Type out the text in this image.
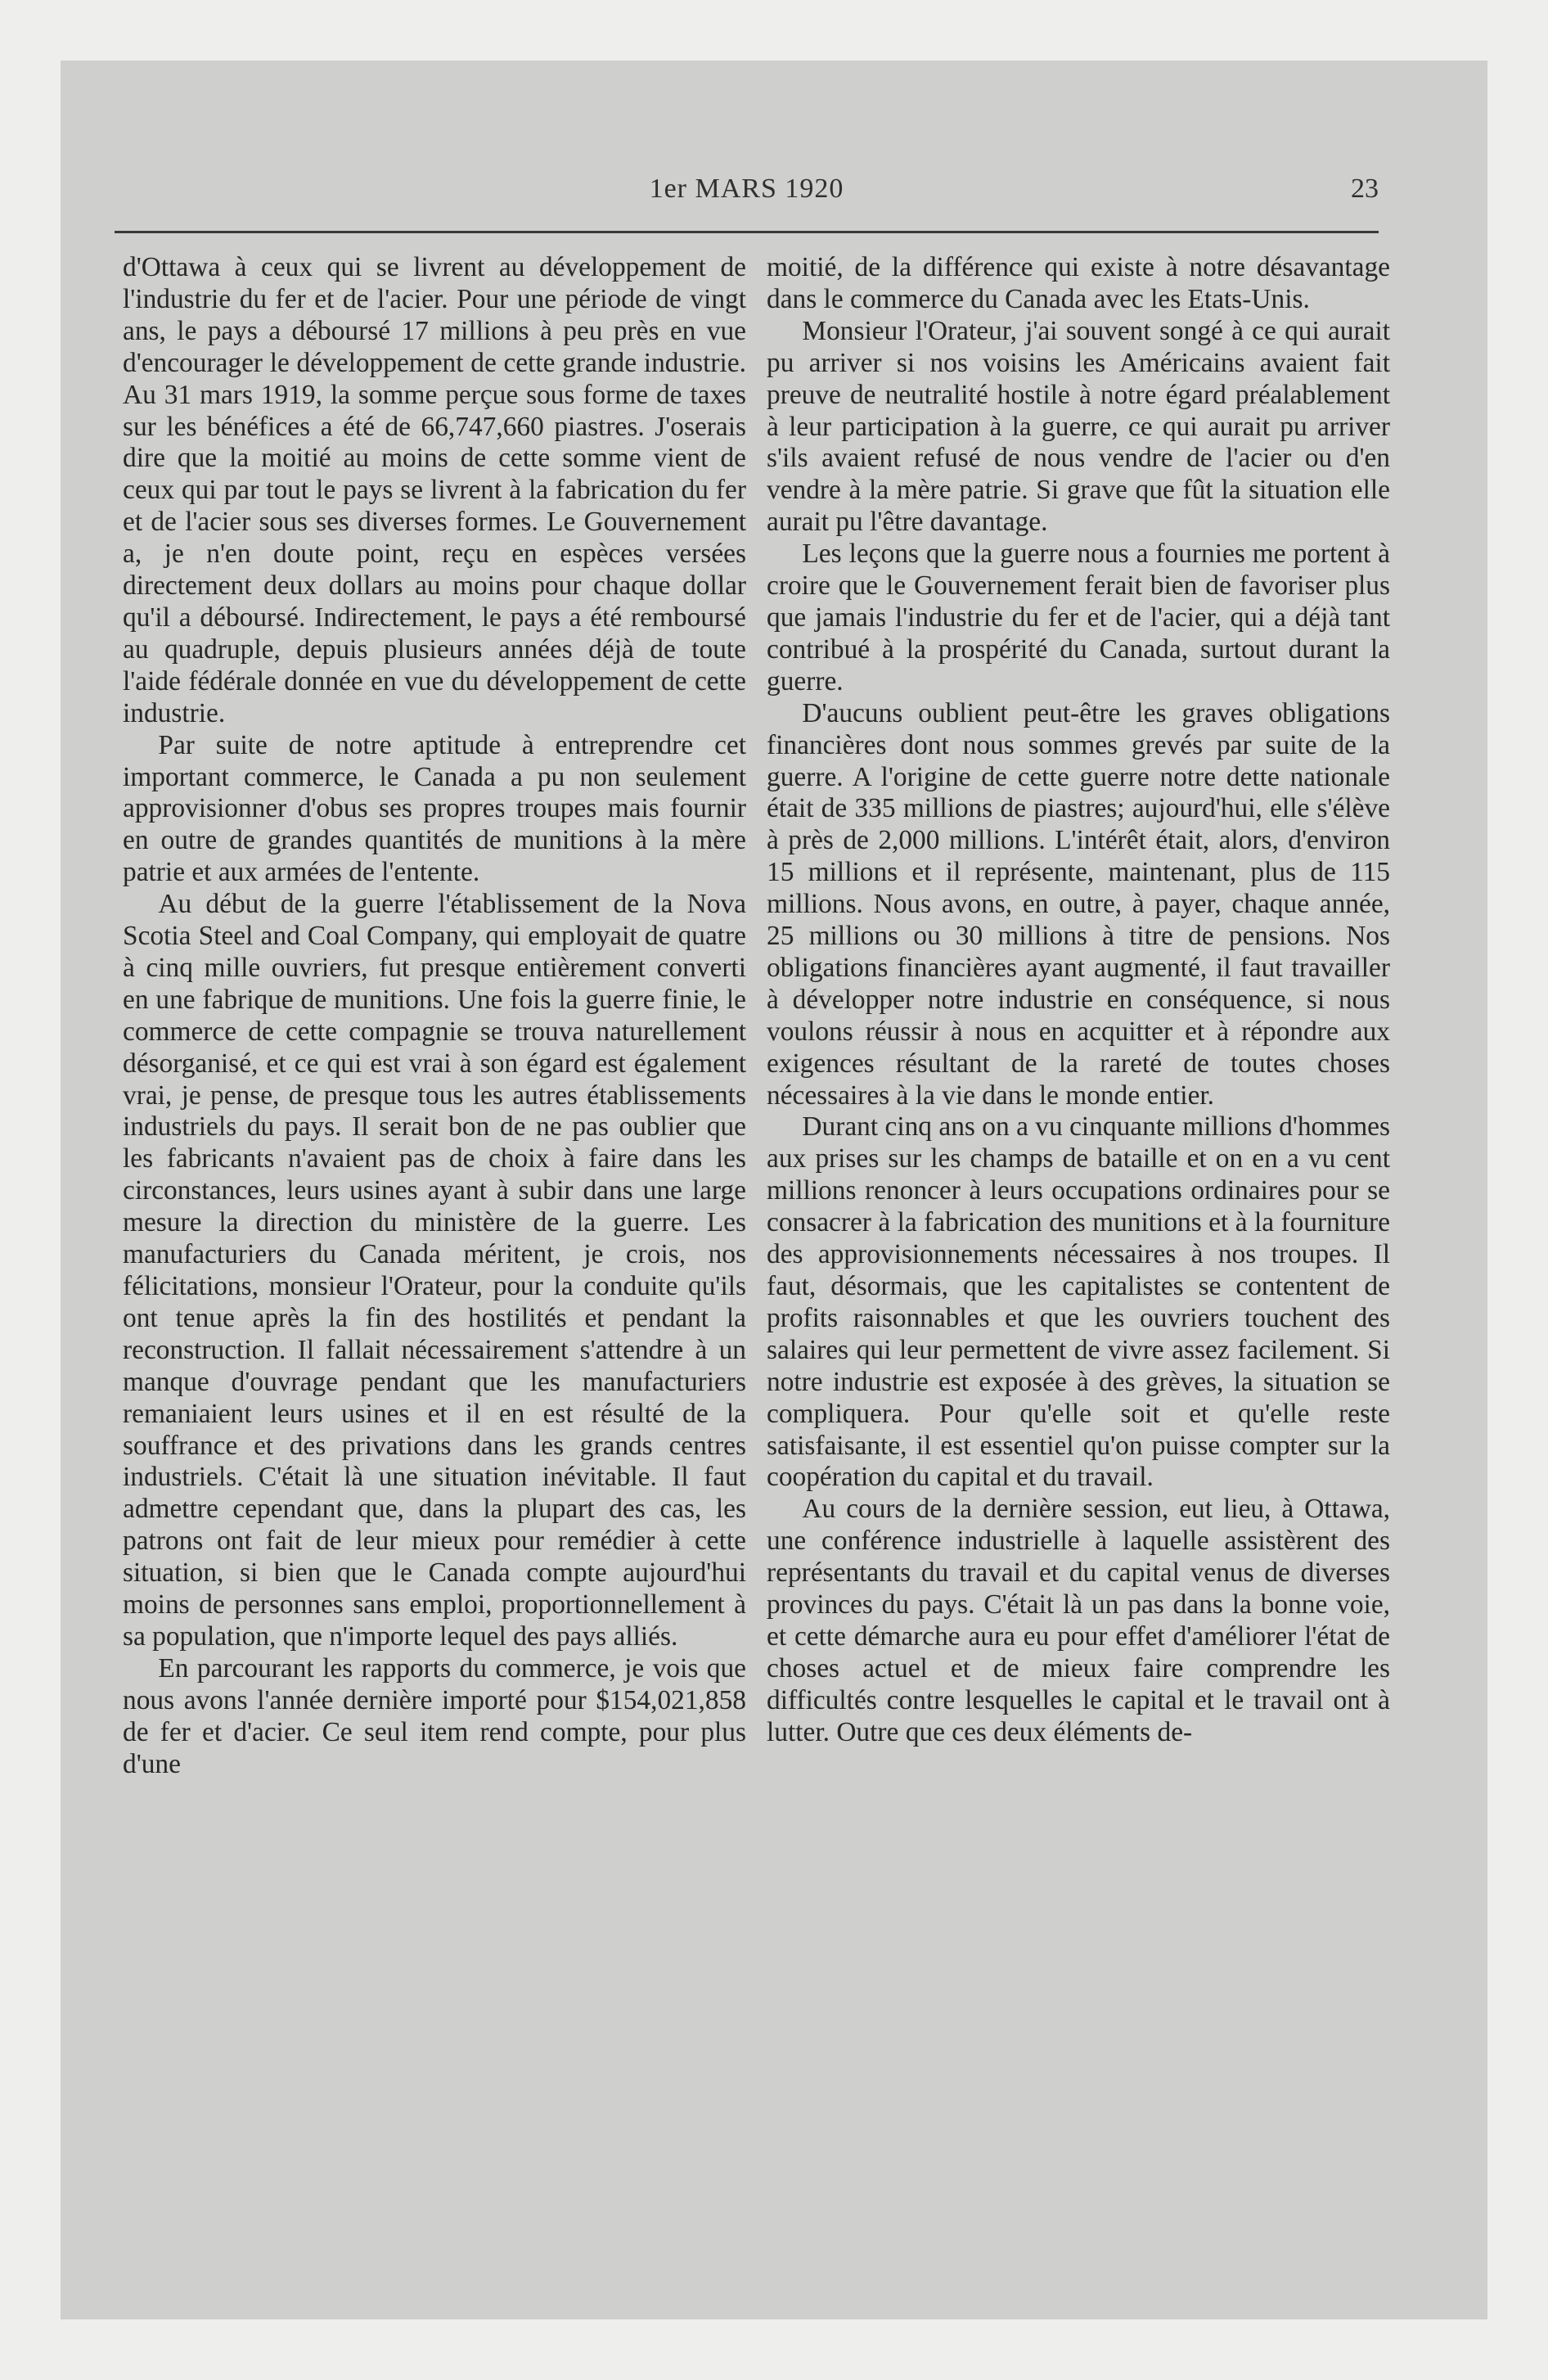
1er MARS 1920	23

d'Ottawa à ceux qui se livrent au développement de l'industrie du fer et de l'acier. Pour une période de vingt ans, le pays a déboursé 17 millions à peu près en vue d'encourager le développement de cette grande industrie. Au 31 mars 1919, la somme perçue sous forme de taxes sur les bénéfices a été de 66,747,660 piastres. J'oserais dire que la moitié au moins de cette somme vient de ceux qui par tout le pays se livrent à la fabrication du fer et de l'acier sous ses diverses formes. Le Gouvernement a, je n'en doute point, reçu en espèces versées directement deux dollars au moins pour chaque dollar qu'il a déboursé. Indirectement, le pays a été remboursé au quadruple, depuis plusieurs années déjà de toute l'aide fédérale donnée en vue du développement de cette industrie.

Par suite de notre aptitude à entreprendre cet important commerce, le Canada a pu non seulement approvisionner d'obus ses propres troupes mais fournir en outre de grandes quantités de munitions à la mère patrie et aux armées de l'entente.

Au début de la guerre l'établissement de la Nova Scotia Steel and Coal Company, qui employait de quatre à cinq mille ouvriers, fut presque entièrement converti en une fabrique de munitions. Une fois la guerre finie, le commerce de cette compagnie se trouva naturellement désorganisé, et ce qui est vrai à son égard est également vrai, je pense, de presque tous les autres établissements industriels du pays. Il serait bon de ne pas oublier que les fabricants n'avaient pas de choix à faire dans les circonstances, leurs usines ayant à subir dans une large mesure la direction du ministère de la guerre. Les manufacturiers du Canada méritent, je crois, nos félicitations, monsieur l'Orateur, pour la conduite qu'ils ont tenue après la fin des hostilités et pendant la reconstruction. Il fallait nécessairement s'attendre à un manque d'ouvrage pendant que les manufacturiers remaniaient leurs usines et il en est résulté de la souffrance et des privations dans les grands centres industriels. C'était là une situation inévitable. Il faut admettre cependant que, dans la plupart des cas, les patrons ont fait de leur mieux pour remédier à cette situation, si bien que le Canada compte aujourd'hui moins de personnes sans emploi, proportionnellement à sa population, que n'importe lequel des pays alliés.

En parcourant les rapports du commerce, je vois que nous avons l'année dernière importé pour $154,021,858 de fer et d'acier. Ce seul item rend compte, pour plus d'une

moitié, de la différence qui existe à notre désavantage dans le commerce du Canada avec les Etats-Unis.

Monsieur l'Orateur, j'ai souvent songé à ce qui aurait pu arriver si nos voisins les Américains avaient fait preuve de neutralité hostile à notre égard préalablement à leur participation à la guerre, ce qui aurait pu arriver s'ils avaient refusé de nous vendre de l'acier ou d'en vendre à la mère patrie. Si grave que fût la situation elle aurait pu l'être davantage.

Les leçons que la guerre nous a fournies me portent à croire que le Gouvernement ferait bien de favoriser plus que jamais l'industrie du fer et de l'acier, qui a déjà tant contribué à la prospérité du Canada, surtout durant la guerre.

D'aucuns oublient peut-être les graves obligations financières dont nous sommes grevés par suite de la guerre. A l'origine de cette guerre notre dette nationale était de 335 millions de piastres; aujourd'hui, elle s'élève à près de 2,000 millions. L'intérêt était, alors, d'environ 15 millions et il représente, maintenant, plus de 115 millions. Nous avons, en outre, à payer, chaque année, 25 millions ou 30 millions à titre de pensions. Nos obligations financières ayant augmenté, il faut travailler à développer notre industrie en conséquence, si nous voulons réussir à nous en acquitter et à répondre aux exigences résultant de la rareté de toutes choses nécessaires à la vie dans le monde entier.

Durant cinq ans on a vu cinquante millions d'hommes aux prises sur les champs de bataille et on en a vu cent millions renoncer à leurs occupations ordinaires pour se consacrer à la fabrication des munitions et à la fourniture des approvisionnements nécessaires à nos troupes. Il faut, désormais, que les capitalistes se contentent de profits raisonnables et que les ouvriers touchent des salaires qui leur permettent de vivre assez facilement. Si notre industrie est exposée à des grèves, la situation se compliquera. Pour qu'elle soit et qu'elle reste satisfaisante, il est essentiel qu'on puisse compter sur la coopération du capital et du travail.

Au cours de la dernière session, eut lieu, à Ottawa, une conférence industrielle à laquelle assistèrent des représentants du travail et du capital venus de diverses provinces du pays. C'était là un pas dans la bonne voie, et cette démarche aura eu pour effet d'améliorer l'état de choses actuel et de mieux faire comprendre les difficultés contre lesquelles le capital et le travail ont à lutter. Outre que ces deux éléments de-
